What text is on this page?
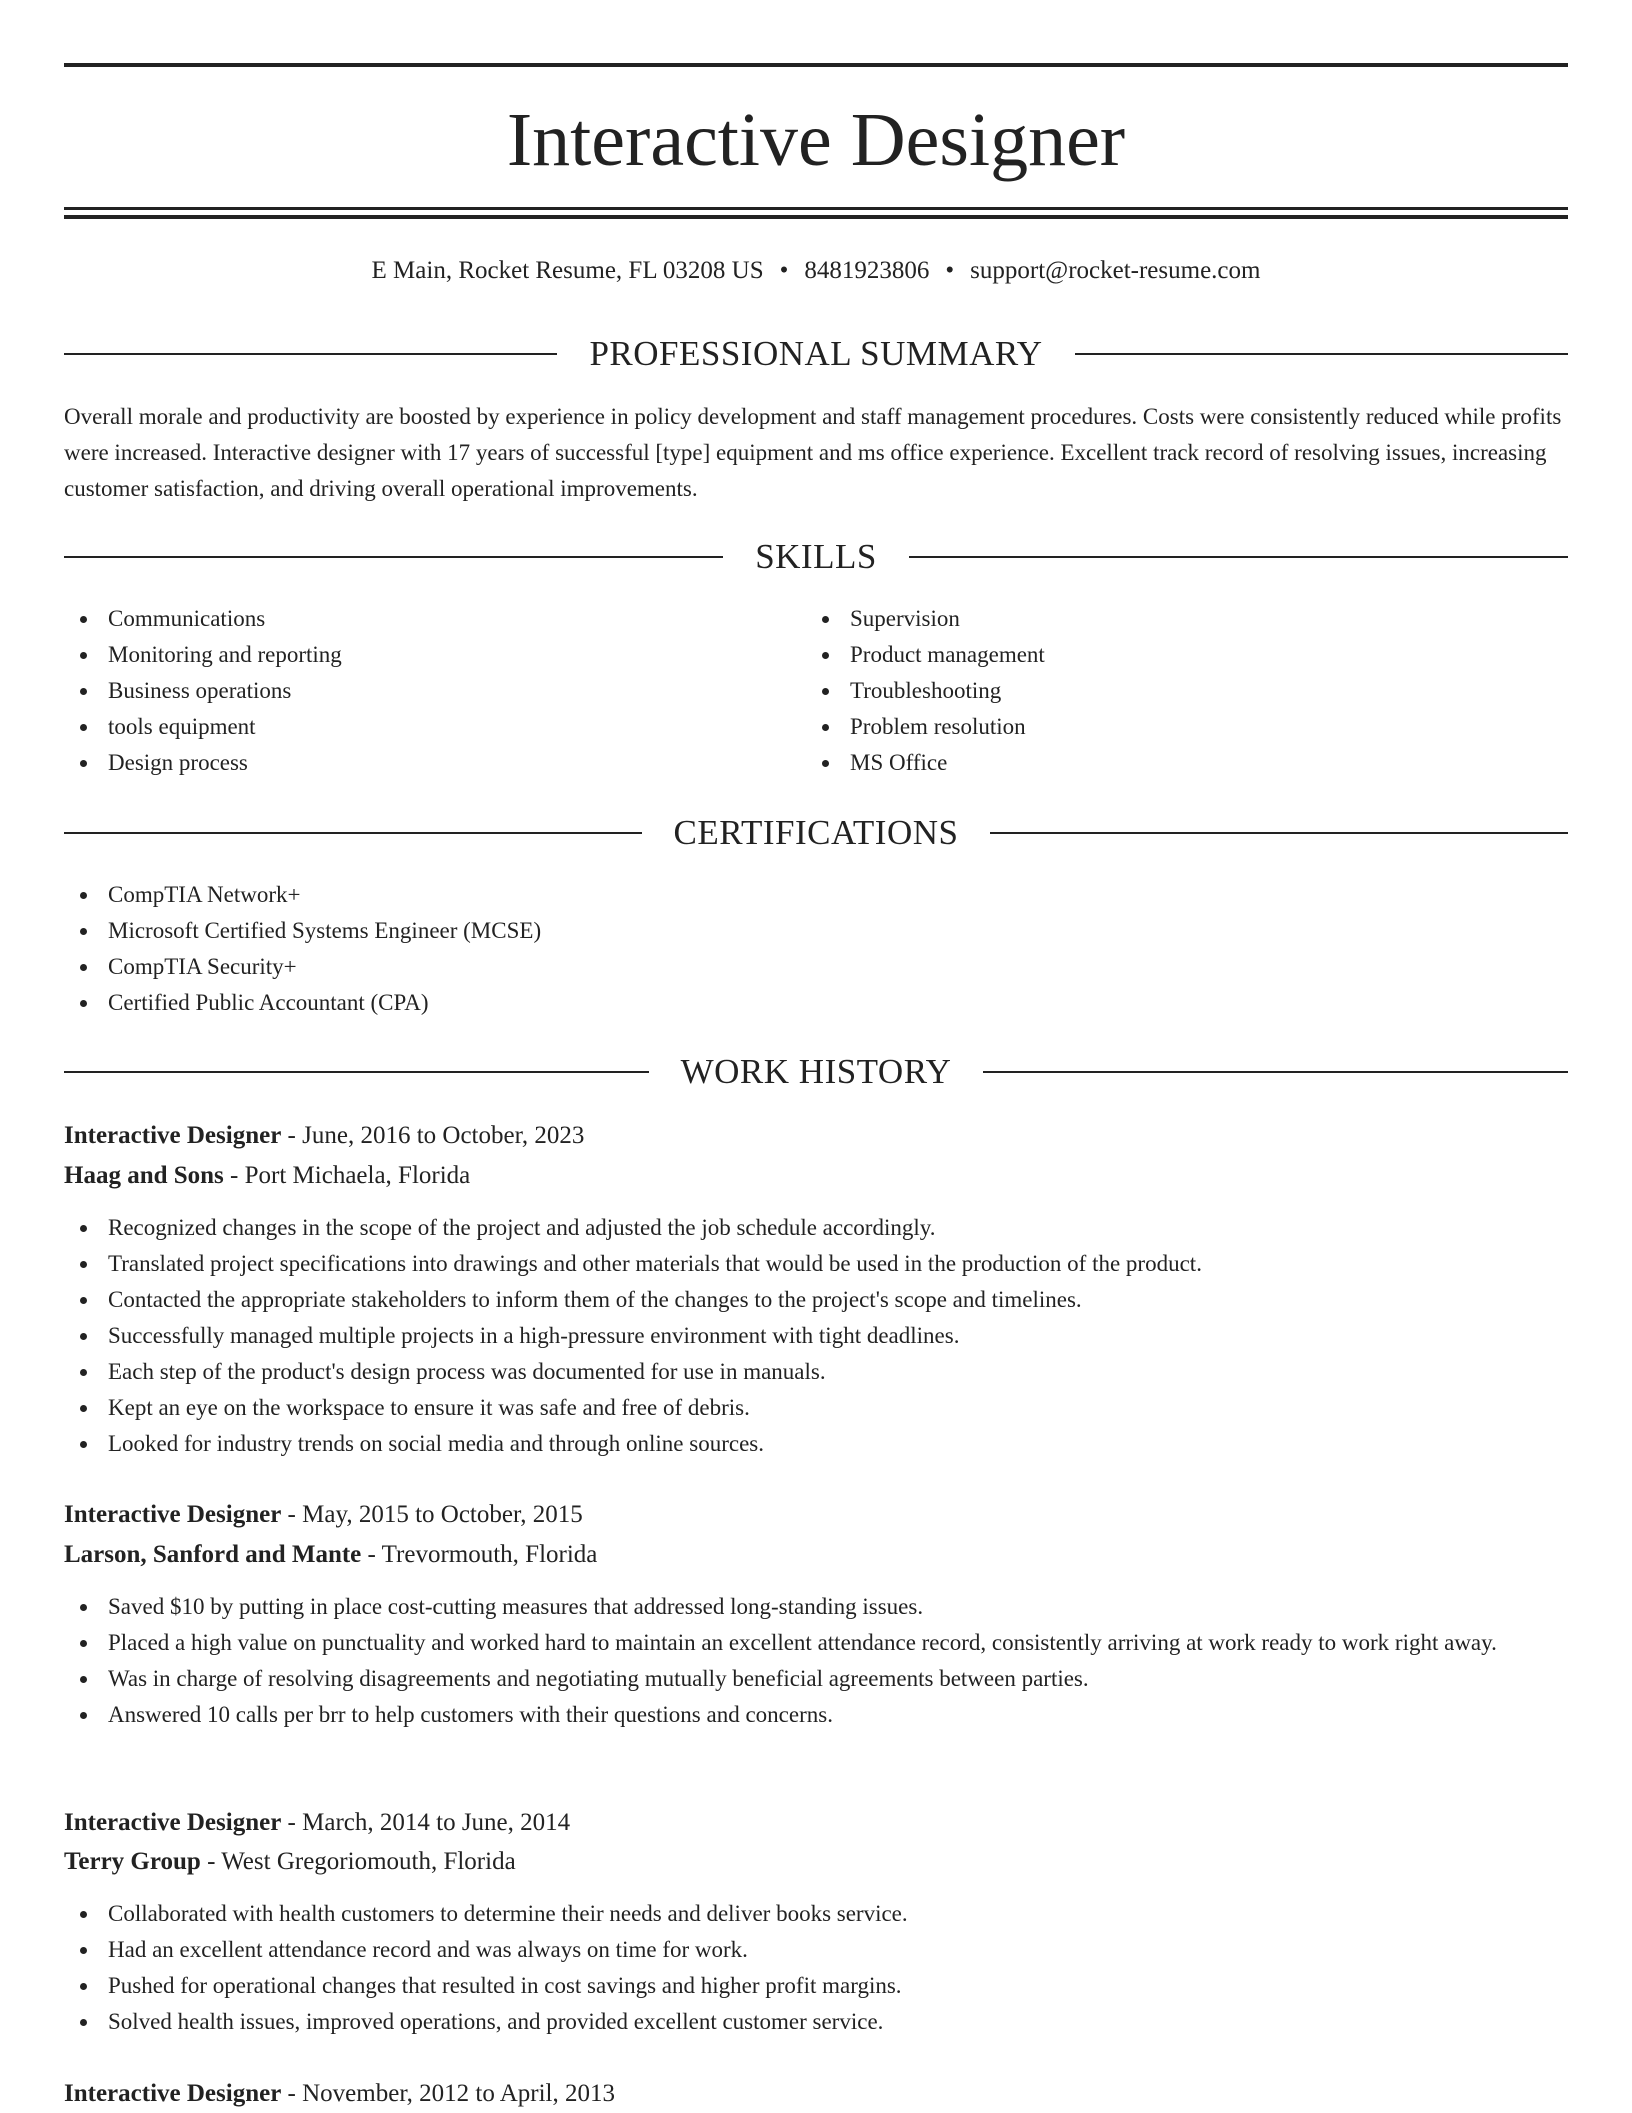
Interactive Designer
E Main, Rocket Resume, FL 03208 US • 8481923806 • support@rocket-resume.com
PROFESSIONAL SUMMARY

Overall morale and productivity are boosted by experience in policy development and staff management procedures. Costs were consistently reduced while profits were increased. Interactive designer with 17 years of successful [type] equipment and ms office experience. Excellent track record of resolving issues, increasing customer satisfaction, and driving overall operational improvements.

SKILLS
Communications
Monitoring and reporting
Business operations
tools equipment
Design process
Supervision
Product management
Troubleshooting
Problem resolution
MS Office
CERTIFICATIONS
CompTIA Network+
Microsoft Certified Systems Engineer (MCSE)
CompTIA Security+
Certified Public Accountant (CPA)
WORK HISTORY
Interactive Designer - June, 2016 to October, 2023
Haag and Sons - Port Michaela, Florida
Recognized changes in the scope of the project and adjusted the job schedule accordingly.
Translated project specifications into drawings and other materials that would be used in the production of the product.
Contacted the appropriate stakeholders to inform them of the changes to the project's scope and timelines.
Successfully managed multiple projects in a high-pressure environment with tight deadlines.
Each step of the product's design process was documented for use in manuals.
Kept an eye on the workspace to ensure it was safe and free of debris.
Looked for industry trends on social media and through online sources.
Interactive Designer - May, 2015 to October, 2015
Larson, Sanford and Mante - Trevormouth, Florida
Saved $10 by putting in place cost-cutting measures that addressed long-standing issues.
Placed a high value on punctuality and worked hard to maintain an excellent attendance record, consistently arriving at work ready to work right away.
Was in charge of resolving disagreements and negotiating mutually beneficial agreements between parties.
Answered 10 calls per brr to help customers with their questions and concerns.
Interactive Designer - March, 2014 to June, 2014
Terry Group - West Gregoriomouth, Florida
Collaborated with health customers to determine their needs and deliver books service.
Had an excellent attendance record and was always on time for work.
Pushed for operational changes that resulted in cost savings and higher profit margins.
Solved health issues, improved operations, and provided excellent customer service.
Interactive Designer - November, 2012 to April, 2013
